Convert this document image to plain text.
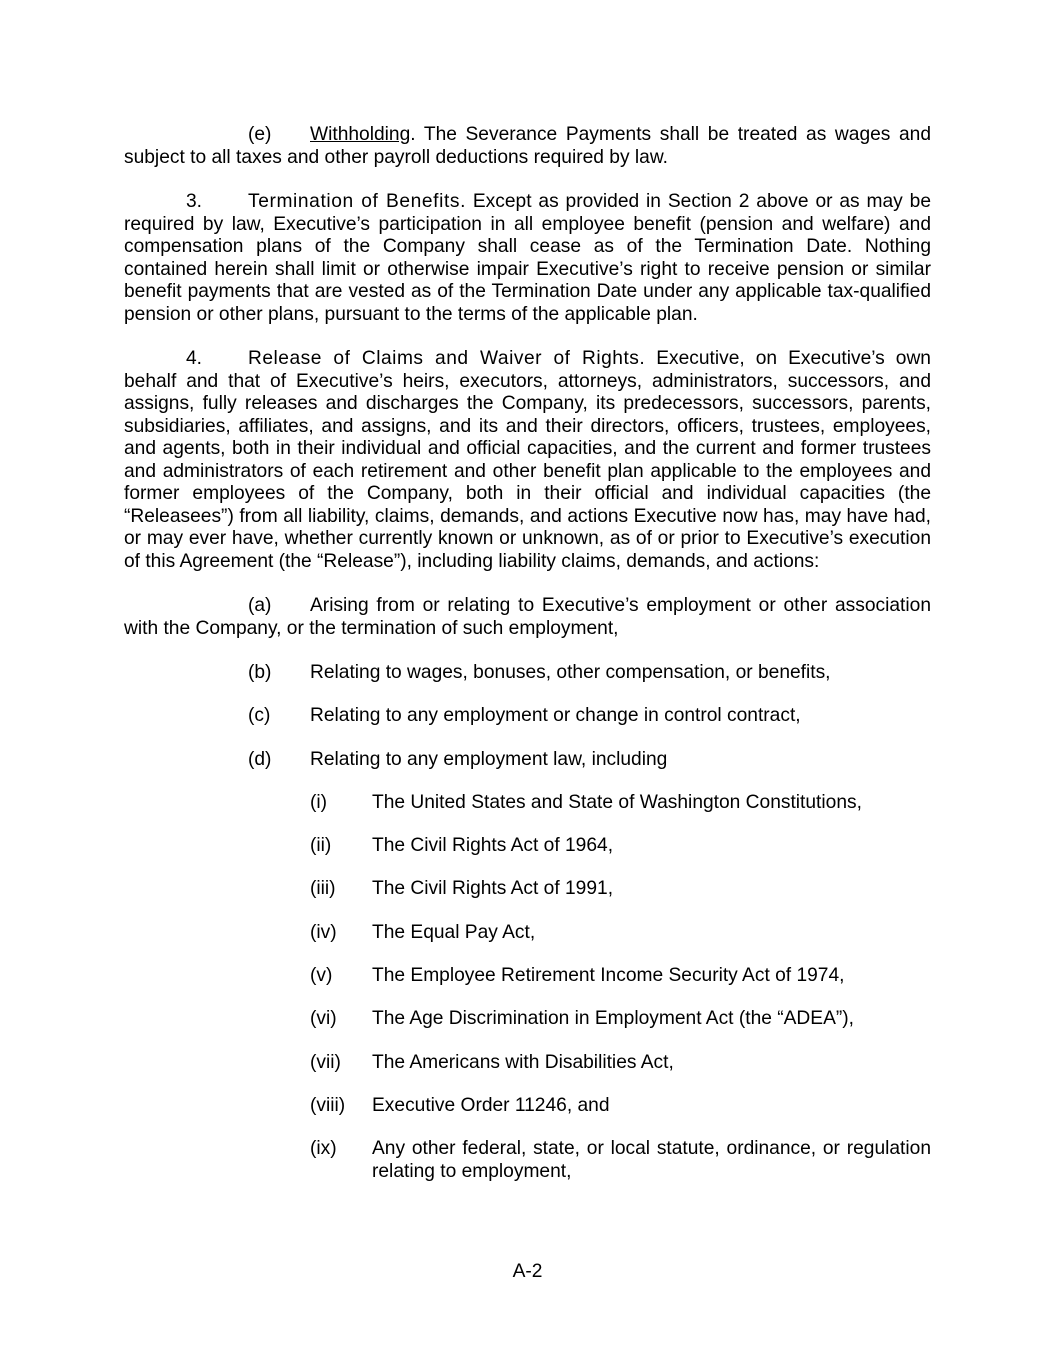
(e) Withholding. The Severance Payments shall be treated as wages and subject to all taxes and other payroll deductions required by law.

3. Termination of Benefits. Except as provided in Section 2 above or as may be required by law, Executive’s participation in all employee benefit (pension and welfare) and compensation plans of the Company shall cease as of the Termination Date. Nothing contained herein shall limit or otherwise impair Executive’s right to receive pension or similar benefit payments that are vested as of the Termination Date under any applicable tax-qualified pension or other plans, pursuant to the terms of the applicable plan.

4. Release of Claims and Waiver of Rights. Executive, on Executive’s own behalf and that of Executive’s heirs, executors, attorneys, administrators, successors, and assigns, fully releases and discharges the Company, its predecessors, successors, parents, subsidiaries, affiliates, and assigns, and its and their directors, officers, trustees, employees, and agents, both in their individual and official capacities, and the current and former trustees and administrators of each retirement and other benefit plan applicable to the employees and former employees of the Company, both in their official and individual capacities (the “Releasees”) from all liability, claims, demands, and actions Executive now has, may have had, or may ever have, whether currently known or unknown, as of or prior to Executive’s execution of this Agreement (the “Release”), including liability claims, demands, and actions:

(a) Arising from or relating to Executive’s employment or other association with the Company, or the termination of such employment,

(b)	Relating to wages, bonuses, other compensation, or benefits,
(c)	Relating to any employment or change in control contract,
(d)	Relating to any employment law, including
(i)	The United States and State of Washington Constitutions,
(ii)	The Civil Rights Act of 1964,
(iii)	The Civil Rights Act of 1991,
(iv)	The Equal Pay Act,
(v)	The Employee Retirement Income Security Act of 1974,
(vi)	The Age Discrimination in Employment Act (the “ADEA”),
(vii)	The Americans with Disabilities Act,
(viii)	Executive Order 11246, and
(ix)	Any other federal, state, or local statute, ordinance, or regulation relating to employment,
A-2
